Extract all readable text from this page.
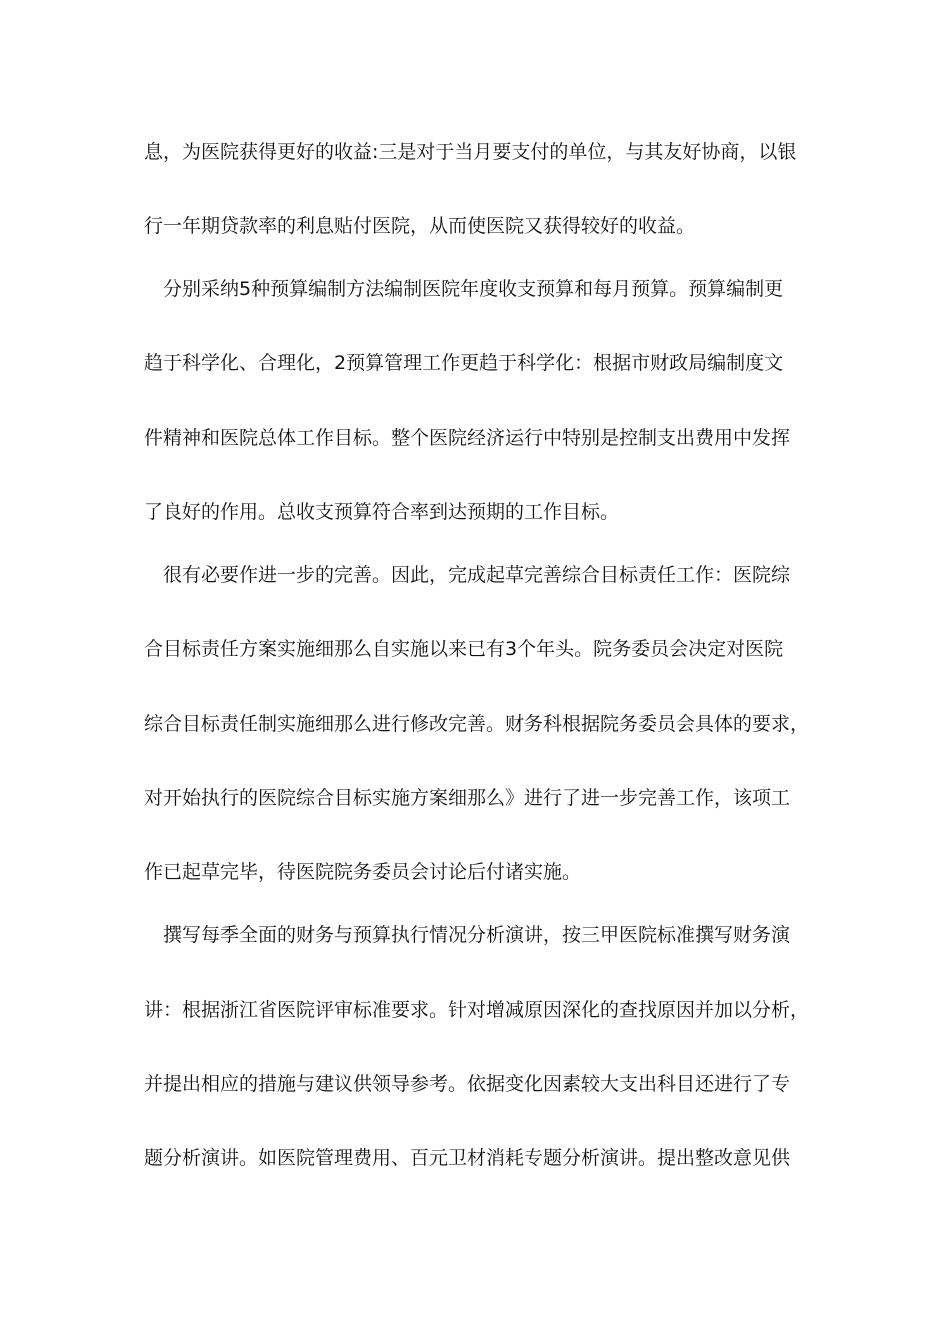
息，为医院获得更好的收益:三是对于当月要支付的单位，与其友好协商，以银
行一年期贷款率的利息贴付医院，从而使医院又获得较好的收益。
分别采纳5种预算编制方法编制医院年度收支预算和每月预算。预算编制更
趋于科学化、合理化，2预算管理工作更趋于科学化：根据市财政局编制度文
件精神和医院总体工作目标。整个医院经济运行中特别是控制支出费用中发挥
了良好的作用。总收支预算符合率到达预期的工作目标。
很有必要作进一步的完善。因此，完成起草完善综合目标责任工作：医院综
合目标责任方案实施细那么自实施以来已有3个年头。院务委员会决定对医院
综合目标责任制实施细那么进行修改完善。财务科根据院务委员会具体的要求，
对开始执行的医院综合目标实施方案细那么》进行了进一步完善工作，该项工
作已起草完毕，待医院院务委员会讨论后付诸实施。
撰写每季全面的财务与预算执行情况分析演讲，按三甲医院标准撰写财务演
讲：根据浙江省医院评审标准要求。针对增减原因深化的查找原因并加以分析，
并提出相应的措施与建议供领导参考。依据变化因素较大支出科目还进行了专
题分析演讲。如医院管理费用、百元卫材消耗专题分析演讲。提出整改意见供
